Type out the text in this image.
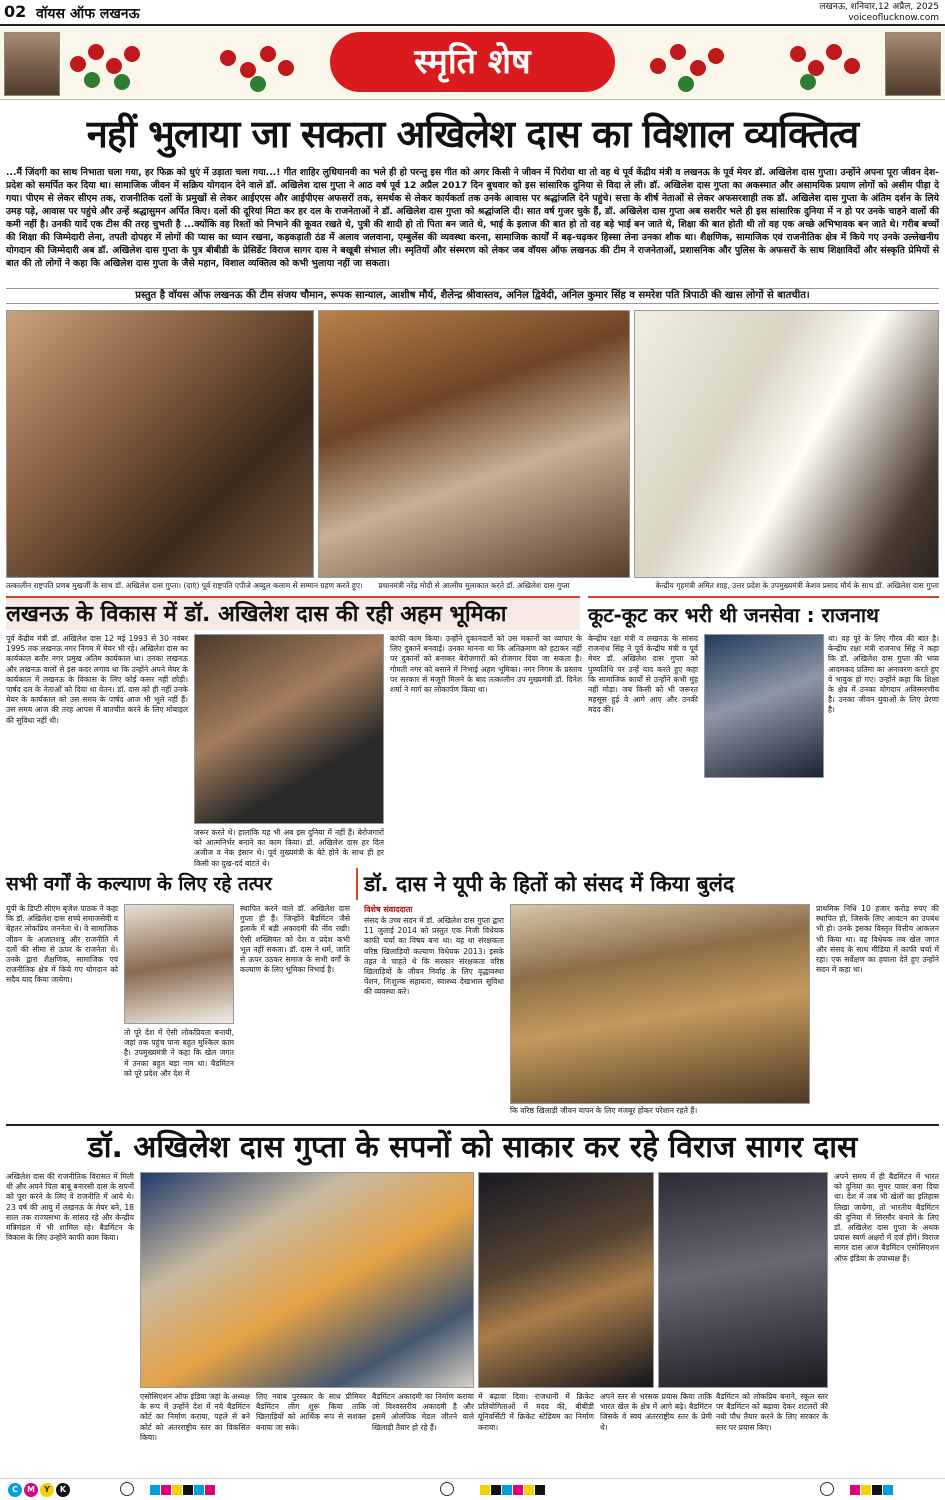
02 वॉयस ऑफ लखनऊ	लखनऊ, शनिवार,12 अप्रैल, 2025
voiceoflucknow.com
स्मृति शेष
नहीं भुलाया जा सकता अखिलेश दास का विशाल व्यक्तित्व
...मैं जिंदगी का साथ निभाता चला गया, हर फिक्र को धुएं में उड़ाता चला गया...! गीत शाहिर लुधियानवी का भले ही हो परन्तु इस गीत को अगर किसी ने जीवन में पिरोया था तो वह थे पूर्व केंद्रीय मंत्री व लखनऊ के पूर्व मेयर डॉ. अखिलेश दास गुप्ता। उन्होंने अपना पूरा जीवन देश-प्रदेश को समर्पित कर दिया था। सामाजिक जीवन में सक्रिय योगदान देने वाले डॉ. अखिलेश दास गुप्ता ने आठ वर्ष पूर्व 12 अप्रैल 2017 दिन बुधवार को इस सांसारिक दुनिया से विदा ले ली। डॉ. अखिलेश दास गुप्ता का अकस्मात और असामयिक प्रयाण लोगों को असीम पीड़ा दे गया। पीएम से लेकर सीएम तक, राजनीतिक दलों के प्रमुखों से लेकर आईएएस और आईपीएस अफसरों तक, समर्थक से लेकर कार्यकर्ता तक उनके आवास पर श्रद्धांजलि देने पहुंचे। सत्ता के शीर्ष नेताओं से लेकर अफसरशाही तक डॉ. अखिलेश दास गुप्ता के अंतिम दर्शन के लिये उमड़ पड़े, आवास पर पहुंचे और उन्हें श्रद्धासुमन अर्पित किए। दलों की दूरियां मिटा कर हर दल के राजनेताओं ने डॉ. अखिलेश दास गुप्ता को श्रद्धांजलि दी। सात वर्ष गुजर चुके हैं, डॉ. अखिलेश दास गुप्ता अब सशरीर भले ही इस सांसारिक दुनिया में न हो पर उनके चाहने वालों की कमी नहीं है। उनकी यादें एक टीस की तरह चुभती है ...क्योंकि वह रिश्तों को निभाने की कूवत रखते थे, पुत्री की शादी हो तो पिता बन जाते थे, भाई के इलाज की बात हो तो वह बड़े भाई बन जाते थे, शिक्षा की बात होती थी तो वह एक अच्छे अभिभावक बन जाते थे। गरीब बच्चों की शिक्षा की जिम्मेदारी लेना, तपती दोपहर में लोगों की प्यास का ध्यान रखना, कड़कड़ाती ठंड में अलाव जलवाना, एम्बुलेंस की व्यवस्था करना, सामाजिक कार्यों में बढ़-चढ़कर हिस्सा लेना उनका शौक था। शैक्षणिक, सामाजिक एवं राजनीतिक क्षेत्र में किये गए उनके उल्लेखनीय योगदान की जिम्मेदारी अब डॉ. अखिलेश दास गुप्ता के पुत्र बीबीडी के प्रेसिडेंट विराज सागर दास ने बखूबी संभाल ली। स्मृतियों और संस्मरण को लेकर जब वॉयस ऑफ लखनऊ की टीम ने राजनेताओं, प्रशासनिक और पुलिस के अफसरों के साथ शिक्षाविदों और संस्कृति प्रेमियों से बात की तो लोगों ने कहा कि अखिलेश दास गुप्ता के जैसे महान, विशाल व्यक्तित्व को कभी भुलाया नहीं जा सकता।
प्रस्तुत है वॉयस ऑफ लखनऊ की टीम संजय चौमान, रूपक सान्याल, आशीष मौर्य, शैलेन्द्र श्रीवास्तव, अनिल द्विवेदी, अनिल कुमार सिंह व समरेश पति त्रिपाठी की खास लोगों से बातचीत।
तत्कालीन राष्ट्रपति प्रणब मुखर्जी के साथ डॉ. अखिलेश दास गुप्ता। (दाएं) पूर्व राष्ट्रपति एपीजे अब्दुल कलाम से सम्मान ग्रहण करते हुए।	प्रधानमंत्री नरेंद्र मोदी से आत्मीय मुलाकात करते डॉ. अखिलेश दास गुप्ता	केन्द्रीय गृहमंत्री अमित शाह, उत्तर प्रदेश के उपमुख्यमंत्री केशव प्रसाद मौर्य के साथ डॉ. अखिलेश दास गुप्ता
लखनऊ के विकास में डॉ. अखिलेश दास की रही अहम भूमिका
पूर्व केंद्रीय मंत्री डॉ. अखिलेश दास 12 मई 1993 से 30 नवंबर 1995 तक लखनऊ नगर निगम में मेयर भी रहे। अखिलेश दास का कार्यकाल बतौर नगर प्रमुख अंतिम कार्यकाल था। उनका लखनऊ और लखनऊ वालों से इस कदर लगाव था कि उन्होंने अपने मेयर के कार्यकाल में लखनऊ के विकास के लिए कोई कसर नहीं छोड़ी। पार्षद दल के नेताओं को दिया था वेतन। डॉ. दास को ही नहीं उनके मेयर के कार्यकाल को उस समय के पार्षद आज भी भूले नहीं हैं। उस समय आज की तरह आपस में बातचीत करने के लिए मोबाइल की सुविधा नहीं थी।
जरूर करते थे। हालांकि यह भी अब इस दुनिया में नहीं हैं। बेरोजगारों को आत्मनिर्भर बनाने का काम किया। डॉ. अखिलेश दास हर दिल अजीज व नेक इंसान थे। पूर्व मुख्यमंत्री के बेटे होने के साथ ही हर किसी का दुख-दर्द बांटते थे।
काफी काम किया। उन्होंने दुकानदारों को उस मकानों का व्यापार के लिए दुकानें बनवाईं। उनका मानना था कि अतिक्रमण को हटाकर नहीं पर दुकानों को बनाकर बेरोजगारों को रोजगार दिया जा सकता है। गोमती नगर को बसाने में निभाई अहम भूमिका। नगर निगम के प्रस्ताव पर सरकार से मंजूरी मिलने के बाद तत्कालीन उप मुख्यमंत्री डॉ. दिनेश शर्मा ने मार्ग का लोकार्पण किया था।
कूट-कूट कर भरी थी जनसेवा : राजनाथ
केन्द्रीय रक्षा मंत्री व लखनऊ के सांसद राजनाथ सिंह ने पूर्व केन्द्रीय मंत्री व पूर्व मेयर डॉ. अखिलेश दास गुप्ता को पुण्यतिथि पर उन्हें याद करते हुए कहा कि सामाजिक कार्यों से उन्होंने कभी मुंह नहीं मोड़ा। जब किसी को भी जरूरत महसूस हुई वे आगे आए और उनकी मदद की।
था। वह पूरे के लिए गौरव की बात है। केन्द्रीय रक्षा मंत्री राजनाथ सिंह ने कहा कि डॉ. अखिलेश दास गुप्ता की भव्य आदमकद प्रतिमा का अनावरण करते हुए वे भावुक हो गए। उन्होंने कहा कि शिक्षा के क्षेत्र में उनका योगदान अविस्मरणीय है। उनका जीवन युवाओं के लिए प्रेरणा है।
सभी वर्गों के कल्याण के लिए रहे तत्पर
यूपी के डिप्टी सीएम बृजेश पाठक ने कहा कि डॉ. अखिलेश दास सच्चे समाजसेवी व बेहतर लोकप्रिय जननेता थे। वे सामाजिक जीवन के अजातशत्रु और राजनीति में दलों की सीमा से ऊपर के राजनेता थे। उनके द्वारा शैक्षणिक, सामाजिक एवं राजनीतिक क्षेत्र में किये गए योगदान को सदैव याद किया जायेगा।
तो पूरे देश में ऐसी लोकप्रियता बनायी, जहां तक पहुंच पाना बहुत मुश्किल काम है। उपमुख्यमंत्री ने कहा कि खेल जगत में उनका बहुत बड़ा नाम था। बैडमिंटन को पूरे प्रदेश और देश में
स्थापित करने वाले डॉ. अखिलेश दास गुप्ता ही हैं। जिन्होंने बैडमिंटन जैसे इलाके में बड़ी अकादमी की नींव रखी। ऐसी शख्सियत को देश व प्रदेश कभी भूल नहीं सकता। डॉ. दास ने धर्म, जाति से ऊपर उठकर समाज के सभी वर्गों के कल्याण के लिए भूमिका निभाई है।
डॉ. दास ने यूपी के हितों को संसद में किया बुलंद
विशेष संवाददाता
संसद के उच्च सदन में डॉ. अखिलेश दास गुप्ता द्वारा 11 जुलाई 2014 को प्रस्तुत एक निजी विधेयक काफी चर्चा का विषय बना था। यह था संरक्षकता वरिष्ठ खिलाड़ियों कल्याण विधेयक 2013। इसके तहत वे चाहते थे कि सरकार संरक्षकता वरिष्ठ खिलाड़ियों के जीवन निर्वाह के लिए वृद्धावस्था पेंशन, निःशुल्क सहायता, स्वास्थ्य देखभाल सुविधा की व्यवस्था करे।
कि वरिष्ठ खिलाड़ी जीवन यापन के लिए मजबूर होकर परेशान रहते हैं।
प्राथमिक निधि 10 हजार करोड़ रुपए की स्थापित हो, जिसके लिए आवंटन का उपबंध भी हो। उनके इसका विस्तृत वित्तीय आकलन भी किया था। वह विधेयक तब खेल जगत और संसद के साथ मीडिया में काफी चर्चा में रहा। एक सर्वेक्षण का हवाला देते हुए उन्होंने सदन में कहा था।
डॉ. अखिलेश दास गुप्ता के सपनों को साकार कर रहे विराज सागर दास
अखिलेश दास की राजनीतिक विरासत में मिली थी और अपने पिता बाबू बनारसी दास के सपनों को पूरा करने के लिए वे राजनीति में आये थे। 23 वर्ष की आयु में लखनऊ के मेयर बने, 18 साल तक राज्यसभा के सांसद रहे और केन्द्रीय मंत्रिमंडल में भी शामिल रहे। बैडमिंटन के विकास के लिए उन्होंने काफी काम किया।
अपने समय में ही बैडमिंटन में भारत को दुनिया का सुपर पावर बना दिया था। देश में जब भी खेलों का इतिहास लिखा जायेगा, तो भारतीय बैडमिंटन की दुनिया में सिरमौर बनाने के लिए डॉ. अखिलेश दास गुप्ता के अथक प्रयास स्वर्ण अक्षरों में दर्ज होंगे। विराज सागर दास आज बैडमिंटन एसोसिएशन ऑफ इंडिया के उपाध्यक्ष हैं।
एसोसिएशन ऑफ इंडिया जहां के अध्यक्ष के रूप में उन्होंने देश में नये बैडमिंटन कोर्ट का निर्माण कराया, पहले से बने कोर्ट को अंतरराष्ट्रीय स्तर का विकसित किया।
लिए नवाब पुरस्कार के साथ प्रीमियर बैडमिंटन लीग शुरू किया ताकि खिलाड़ियों को आर्थिक रूप से सशक्त बनाया जा सके।
बैडमिंटन अकादमी का निर्माण कराया जो विश्वस्तरीय अकादमी है और इसमें ओलंपिक मेडल जीतने वाले खिलाड़ी तैयार हो रहे हैं।
में बढ़ावा दिया। राजधानी में क्रिकेट प्रतियोगिताओं में मदद की, बीबीडी यूनिवर्सिटी में क्रिकेट स्टेडियम का निर्माण कराया।
अपने स्तर से भरसक प्रयास किया ताकि भारत खेल के क्षेत्र में आगे बढ़े। बैडमिंटन जिसके वे स्वयं अंतरराष्ट्रीय स्तर के प्रेमी थे।
बैडमिंटन को लोकप्रिय बनाने, स्कूल स्तर पर बैडमिंटन को बढ़ावा देकर शटलरों की नयी पौध तैयार करने के लिए सरकार के स्तर पर प्रयास किए।
C	M	Y	K
